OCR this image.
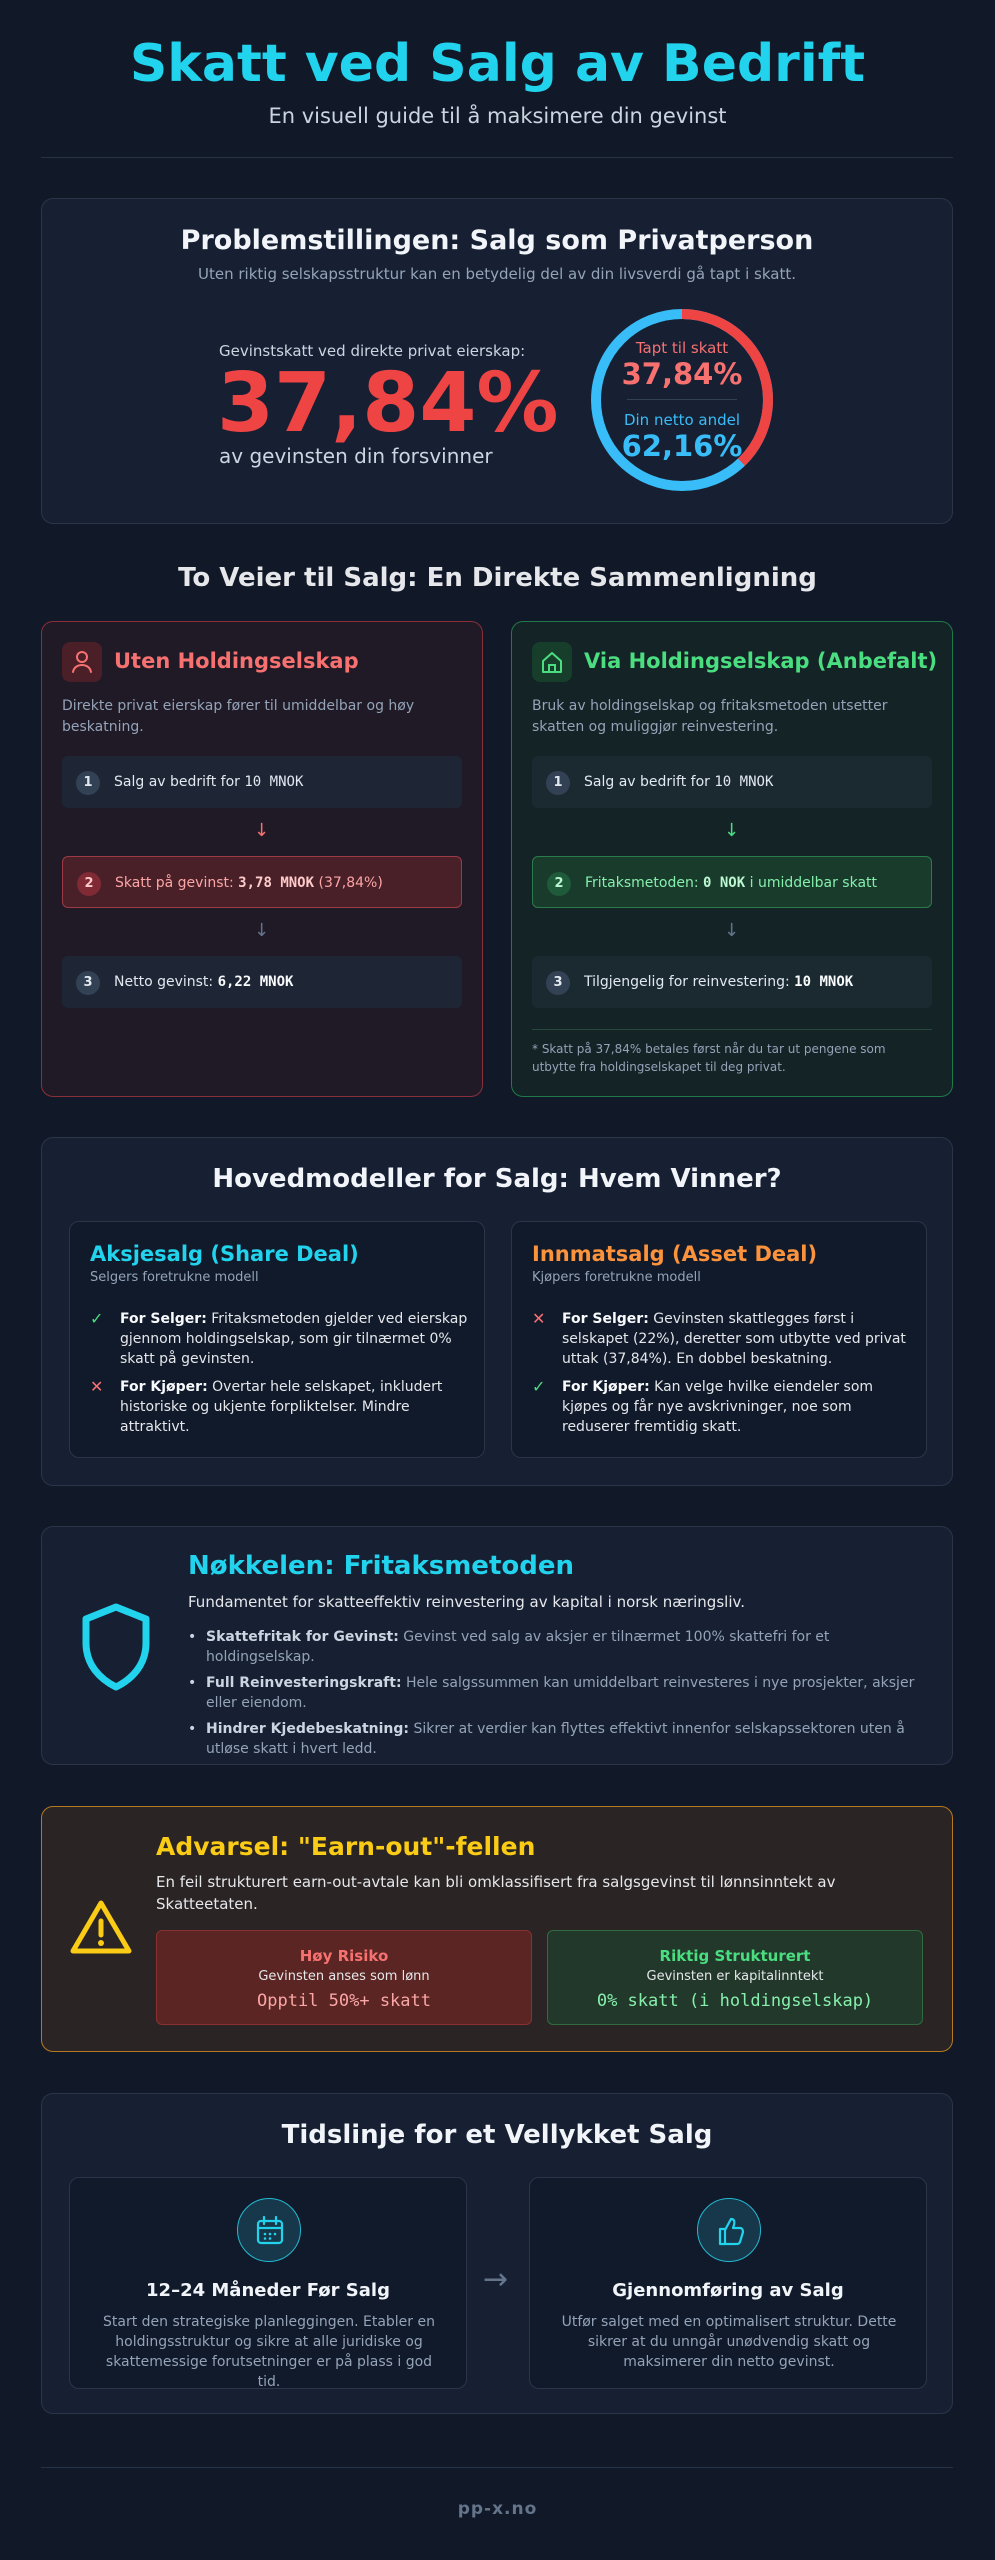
Skatt ved Salg av Bedrift
En visuell guide til å maksimere din gevinst
Problemstillingen: Salg som Privatperson
Uten riktig selskapsstruktur kan en betydelig del av din livsverdi gå tapt i skatt.
Gevinstskatt ved direkte privat eierskap:
37,84%
av gevinsten din forsvinner
Tapt til skatt
37,84%
Din netto andel
62,16%
To Veier til Salg: En Direkte Sammenligning
Uten Holdingselskap
Direkte privat eierskap fører til umiddelbar og høy beskatning.
1	Salg av bedrift for 10 MNOK
↓
2	Skatt på gevinst: 3,78 MNOK (37,84%)
↓
3	Netto gevinst: 6,22 MNOK
Via Holdingselskap (Anbefalt)
Bruk av holdingselskap og fritaksmetoden utsetter skatten og muliggjør reinvestering.
1	Salg av bedrift for 10 MNOK
↓
2	Fritaksmetoden: 0 NOK i umiddelbar skatt
↓
3	Tilgjengelig for reinvestering: 10 MNOK
* Skatt på 37,84% betales først når du tar ut pengene som utbytte fra holdingselskapet til deg privat.
Hovedmodeller for Salg: Hvem Vinner?
Aksjesalg (Share Deal)
Selgers foretrukne modell
✓ For Selger: Fritaksmetoden gjelder ved eierskap gjennom holdingselskap, som gir tilnærmet 0% skatt på gevinsten.
✕ For Kjøper: Overtar hele selskapet, inkludert historiske og ukjente forpliktelser. Mindre attraktivt.
Innmatsalg (Asset Deal)
Kjøpers foretrukne modell
✕ For Selger: Gevinsten skattlegges først i selskapet (22%), deretter som utbytte ved privat uttak (37,84%). En dobbel beskatning.
✓ For Kjøper: Kan velge hvilke eiendeler som kjøpes og får nye avskrivninger, noe som reduserer fremtidig skatt.
Nøkkelen: Fritaksmetoden
Fundamentet for skatteeffektiv reinvestering av kapital i norsk næringsliv.
• Skattefritak for Gevinst: Gevinst ved salg av aksjer er tilnærmet 100% skattefri for et holdingselskap.
• Full Reinvesteringskraft: Hele salgssummen kan umiddelbart reinvesteres i nye prosjekter, aksjer eller eiendom.
• Hindrer Kjedebeskatning: Sikrer at verdier kan flyttes effektivt innenfor selskapssektoren uten å utløse skatt i hvert ledd.
Advarsel: "Earn-out"-fellen
En feil strukturert earn-out-avtale kan bli omklassifisert fra salgsgevinst til lønnsinntekt av Skatteetaten.
Høy Risiko
Gevinsten anses som lønn
Opptil 50%+ skatt
Riktig Strukturert
Gevinsten er kapitalinntekt
0% skatt (i holdingselskap)
Tidslinje for et Vellykket Salg
12–24 Måneder Før Salg
Start den strategiske planleggingen. Etabler en holdingsstruktur og sikre at alle juridiske og skattemessige forutsetninger er på plass i god tid.
→	Gjennomføring av Salg
Utfør salget med en optimalisert struktur. Dette sikrer at du unngår unødvendig skatt og maksimerer din netto gevinst.
pp-x.no
